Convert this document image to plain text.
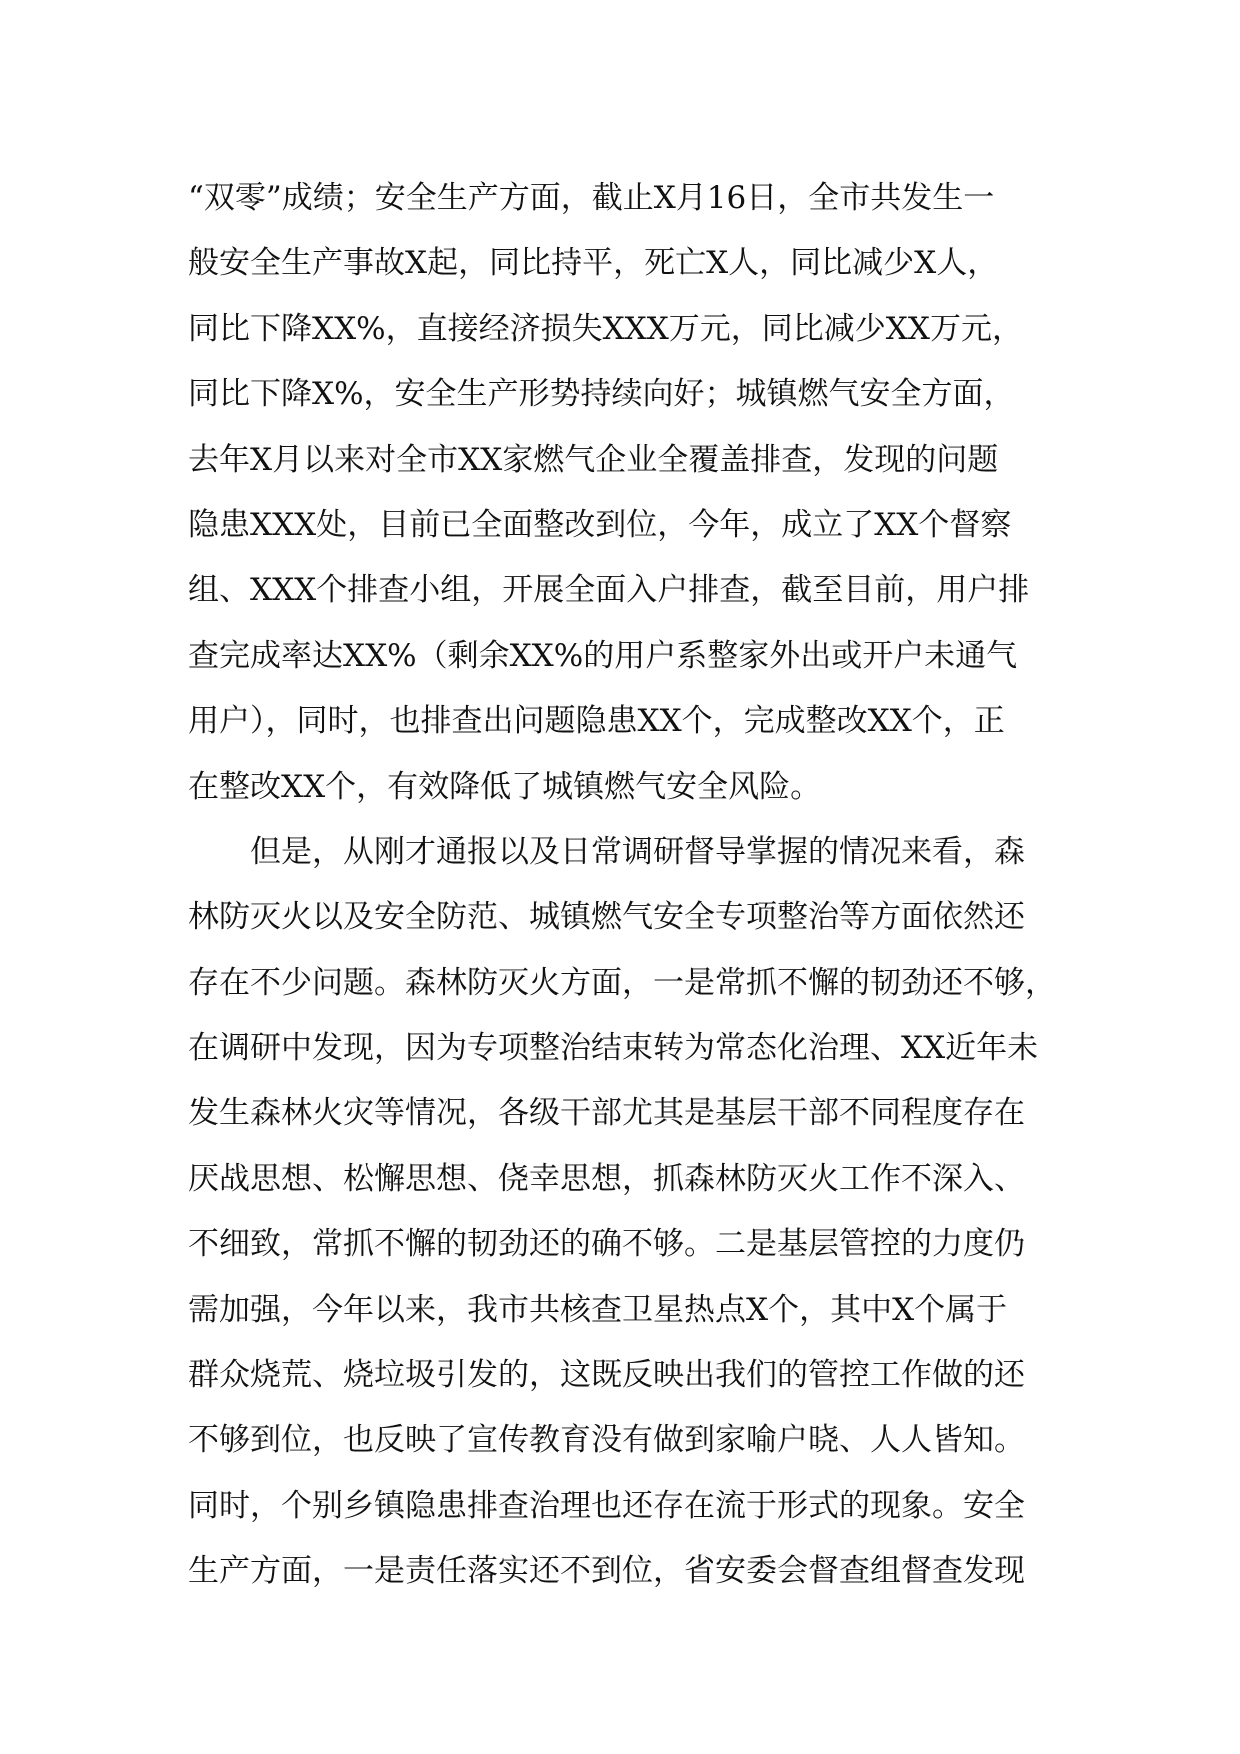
“双零”成绩；安全生产方面，截止X月16日，全市共发生一
般安全生产事故X起，同比持平，死亡X人，同比减少X人，
同比下降XX%，直接经济损失XXX万元，同比减少XX万元，
同比下降X%，安全生产形势持续向好；城镇燃气安全方面，
去年X月以来对全市XX家燃气企业全覆盖排查，发现的问题
隐患XXX处，目前已全面整改到位，今年，成立了XX个督察
组、XXX个排查小组，开展全面入户排查，截至目前，用户排
查完成率达XX%（剩余XX%的用户系整家外出或开户未通气
用户），同时，也排查出问题隐患XX个，完成整改XX个，正
在整改XX个，有效降低了城镇燃气安全风险。
但是，从刚才通报以及日常调研督导掌握的情况来看，森
林防灭火以及安全防范、城镇燃气安全专项整治等方面依然还
存在不少问题。森林防灭火方面，一是常抓不懈的韧劲还不够，
在调研中发现，因为专项整治结束转为常态化治理、XX近年未
发生森林火灾等情况，各级干部尤其是基层干部不同程度存在
厌战思想、松懈思想、侥幸思想，抓森林防灭火工作不深入、
不细致，常抓不懈的韧劲还的确不够。二是基层管控的力度仍
需加强，今年以来，我市共核查卫星热点X个，其中X个属于
群众烧荒、烧垃圾引发的，这既反映出我们的管控工作做的还
不够到位，也反映了宣传教育没有做到家喻户晓、人人皆知。
同时，个别乡镇隐患排查治理也还存在流于形式的现象。安全
生产方面，一是责任落实还不到位，省安委会督查组督查发现
